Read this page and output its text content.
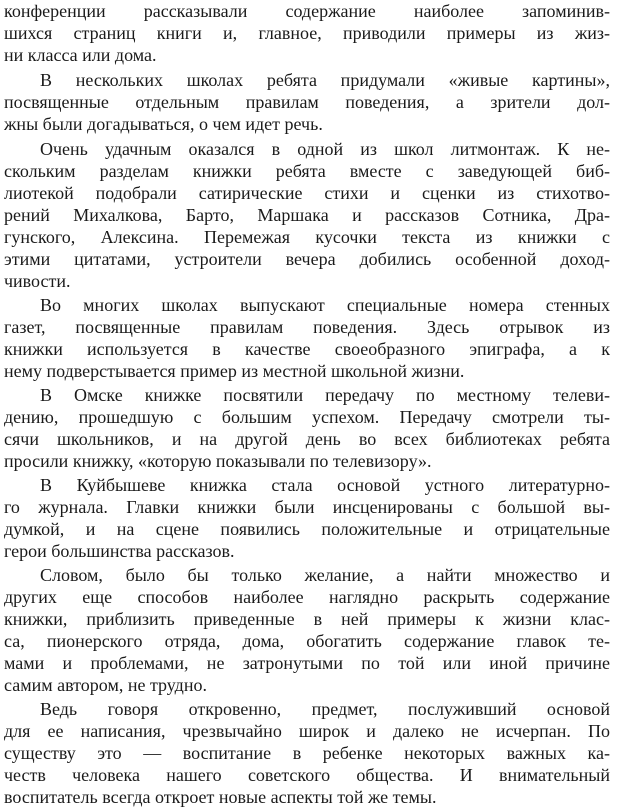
конференции рассказывали содержание наиболее запоминив-
шихся страниц книги и, главное, приводили примеры из жиз-
ни класса или дома.
В нескольких школах ребята придумали «живые картины»,
посвященные отдельным правилам поведения, а зрители дол-
жны были догадываться, о чем идет речь.
Очень удачным оказался в одной из школ литмонтаж. К не-
скольким разделам книжки ребята вместе с заведующей биб-
лиотекой подобрали сатирические стихи и сценки из стихотво-
рений Михалкова, Барто, Маршака и рассказов Сотника, Дра-
гунского, Алексина. Перемежая кусочки текста из книжки с
этими цитатами, устроители вечера добились особенной доход-
чивости.
Во многих школах выпускают специальные номера стенных
газет, посвященные правилам поведения. Здесь отрывок из
книжки используется в качестве своеобразного эпиграфа, а к
нему подверстывается пример из местной школьной жизни.
В Омске книжке посвятили передачу по местному телеви-
дению, прошедшую с большим успехом. Передачу смотрели ты-
сячи школьников, и на другой день во всех библиотеках ребята
просили книжку, «которую показывали по телевизору».
В Куйбышеве книжка стала основой устного литературно-
го журнала. Главки книжки были инсценированы с большой вы-
думкой, и на сцене появились положительные и отрицательные
герои большинства рассказов.
Словом, было бы только желание, а найти множество и
других еще способов наиболее наглядно раскрыть содержание
книжки, приблизить приведенные в ней примеры к жизни клас-
са, пионерского отряда, дома, обогатить содержание главок те-
мами и проблемами, не затронутыми по той или иной причине
самим автором, не трудно.
Ведь говоря откровенно, предмет, послуживший основой
для ее написания, чрезвычайно широк и далеко не исчерпан. По
существу это — воспитание в ребенке некоторых важных ка-
честв человека нашего советского общества. И внимательный
воспитатель всегда откроет новые аспекты той же темы.
